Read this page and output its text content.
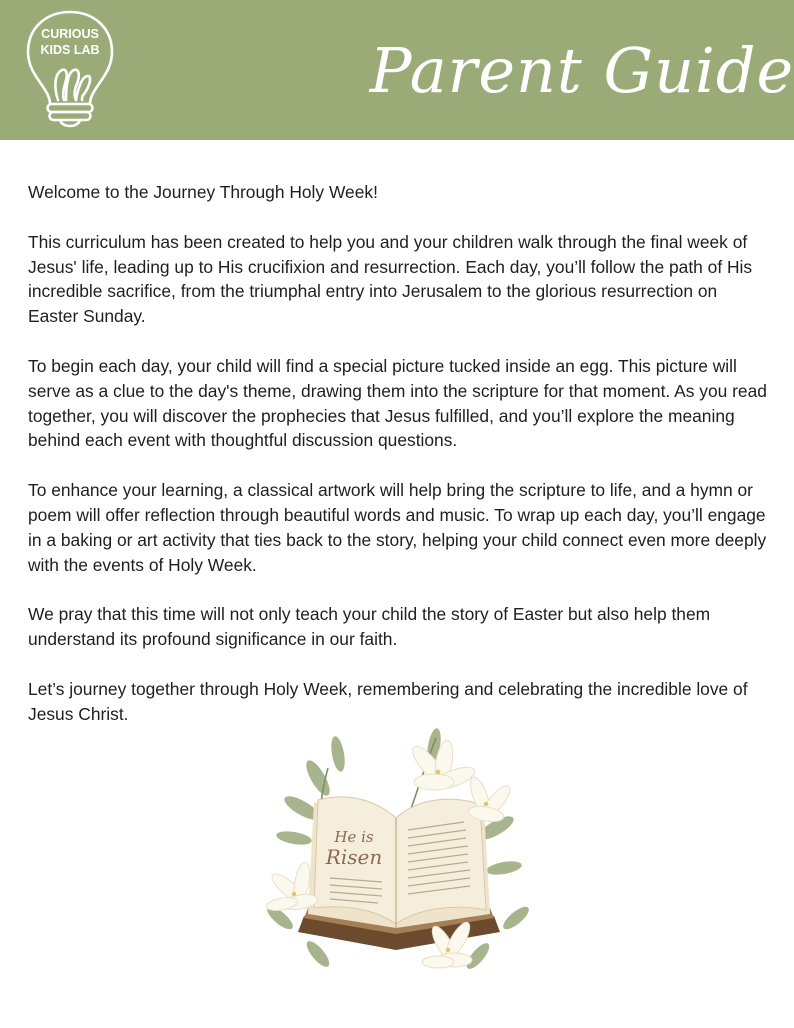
CURIOUS
KIDS LAB	Parent Guide

Welcome to the Journey Through Holy Week!

This curriculum has been created to help you and your children walk through the final week of Jesus' life, leading up to His crucifixion and resurrection. Each day, you’ll follow the path of His incredible sacrifice, from the triumphal entry into Jerusalem to the glorious resurrection on Easter Sunday.

To begin each day, your child will find a special picture tucked inside an egg. This picture will serve as a clue to the day's theme, drawing them into the scripture for that moment. As you read together, you will discover the prophecies that Jesus fulfilled, and you’ll explore the meaning behind each event with thoughtful discussion questions.

To enhance your learning, a classical artwork will help bring the scripture to life, and a hymn or poem will offer reflection through beautiful words and music. To wrap up each day, you’ll engage in a baking or art activity that ties back to the story, helping your child connect even more deeply with the events of Holy Week.

We pray that this time will not only teach your child the story of Easter but also help them understand its profound significance in our faith.

Let’s journey together through Holy Week, remembering and celebrating the incredible love of Jesus Christ.

He is
Risen
